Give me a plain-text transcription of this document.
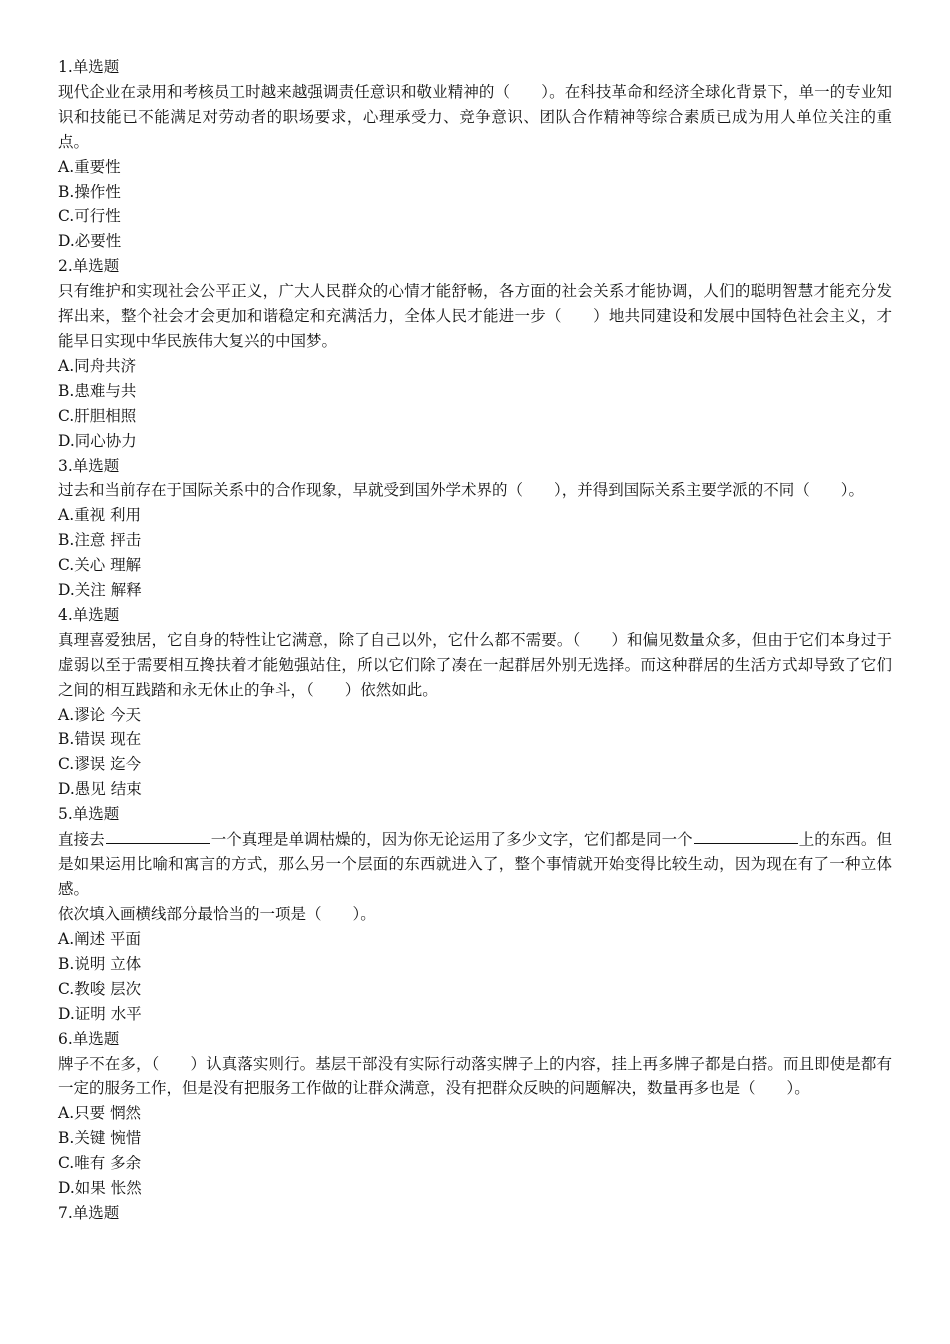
1.单选题
现代企业在录用和考核员工时越来越强调责任意识和敬业精神的（　　）。在科技革命和经济全球化背景下，单一的专业知识和技能已不能满足对劳动者的职场要求，心理承受力、竞争意识、团队合作精神等综合素质已成为用人单位关注的重点。
A.重要性
B.操作性
C.可行性
D.必要性
2.单选题
只有维护和实现社会公平正义，广大人民群众的心情才能舒畅，各方面的社会关系才能协调，人们的聪明智慧才能充分发挥出来，整个社会才会更加和谐稳定和充满活力，全体人民才能进一步（　　）地共同建设和发展中国特色社会主义，才能早日实现中华民族伟大复兴的中国梦。
A.同舟共济
B.患难与共
C.肝胆相照
D.同心协力
3.单选题
过去和当前存在于国际关系中的合作现象，早就受到国外学术界的（　　），并得到国际关系主要学派的不同（　　）。
A.重视 利用
B.注意 抨击
C.关心 理解
D.关注 解释
4.单选题
真理喜爱独居，它自身的特性让它满意，除了自己以外，它什么都不需要。（　　）和偏见数量众多，但由于它们本身过于虚弱以至于需要相互搀扶着才能勉强站住，所以它们除了凑在一起群居外别无选择。而这种群居的生活方式却导致了它们之间的相互践踏和永无休止的争斗，（　　）依然如此。
A.谬论 今天
B.错误 现在
C.谬误 迄今
D.愚见 结束
5.单选题
直接去	一个真理是单调枯燥的，因为你无论运用了多少文字，它们都是同一个	上的东西。但是如果运用比喻和寓言的方式，那么另一个层面的东西就进入了，整个事情就开始变得比较生动，因为现在有了一种立体感。
依次填入画横线部分最恰当的一项是（　　）。
A.阐述 平面
B.说明 立体
C.教唆 层次
D.证明 水平
6.单选题
牌子不在多，（　　）认真落实则行。基层干部没有实际行动落实牌子上的内容，挂上再多牌子都是白搭。而且即使是都有一定的服务工作，但是没有把服务工作做的让群众满意，没有把群众反映的问题解决，数量再多也是（　　）。
A.只要 惘然
B.关键 惋惜
C.唯有 多余
D.如果 怅然
7.单选题
